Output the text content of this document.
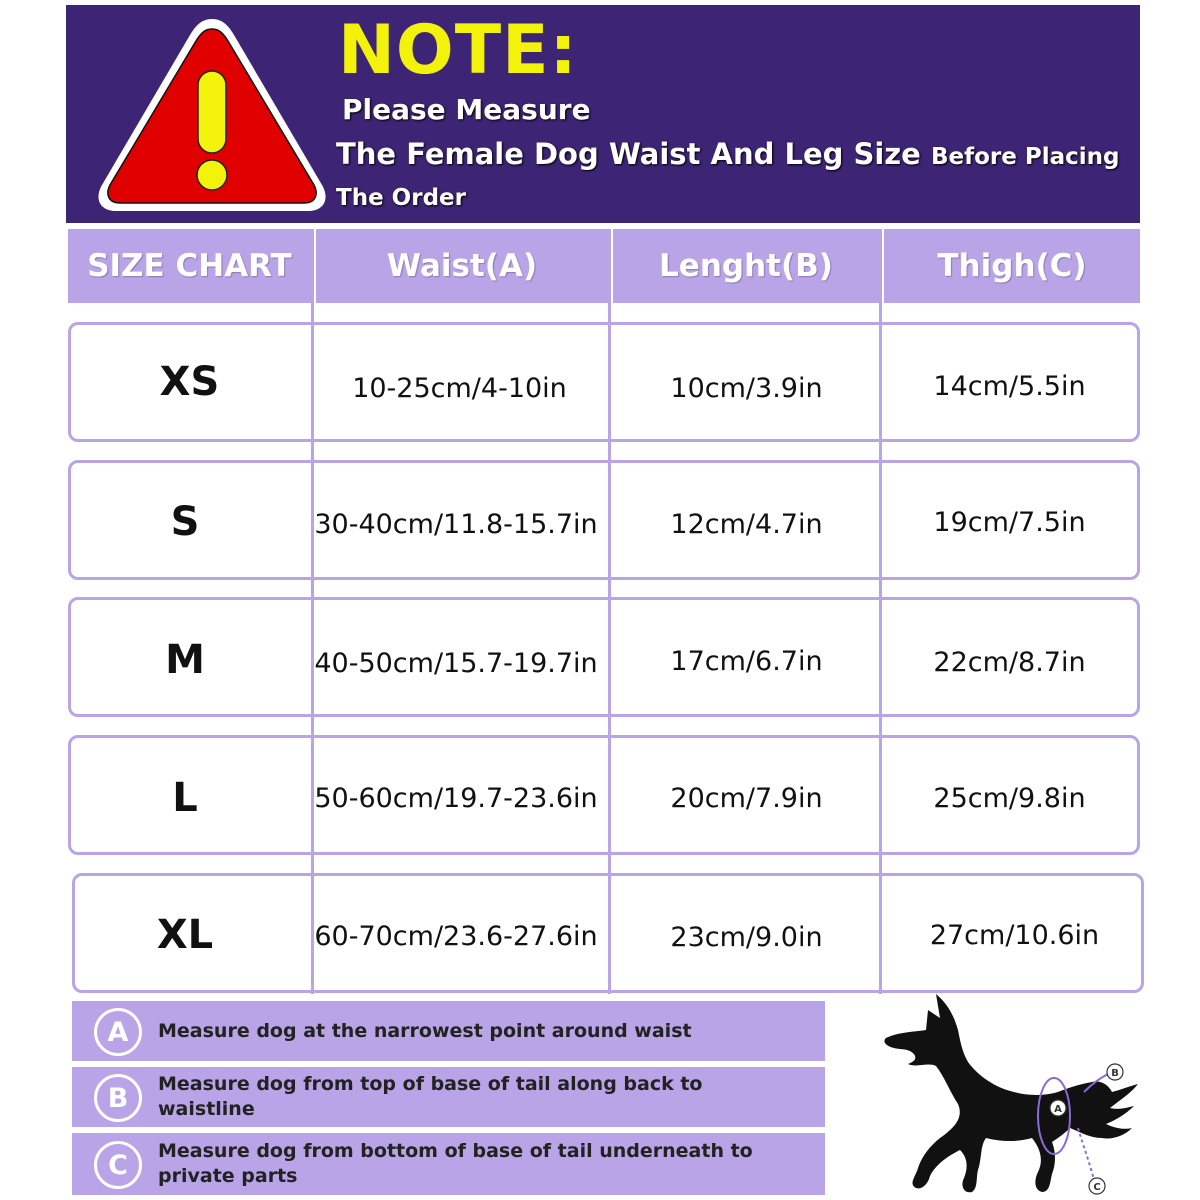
NOTE:
Please Measure
The Female Dog Waist And Leg Size Before Placing
The Order
SIZE CHART	Waist(A)	Lenght(B)	Thigh(C)
XS	10-25cm/4-10in	10cm/3.9in	14cm/5.5in
S	30-40cm/11.8-15.7in	12cm/4.7in	19cm/7.5in
M	40-50cm/15.7-19.7in	17cm/6.7in	22cm/8.7in
L	50-60cm/19.7-23.6in	20cm/7.9in	25cm/9.8in
XL	60-70cm/23.6-27.6in	23cm/9.0in	27cm/10.6in
A	Measure dog at the narrowest point around waist
B	Measure dog from top of base of tail along back to waistline
C	Measure dog from bottom of base of tail underneath to private parts
A
B
C
